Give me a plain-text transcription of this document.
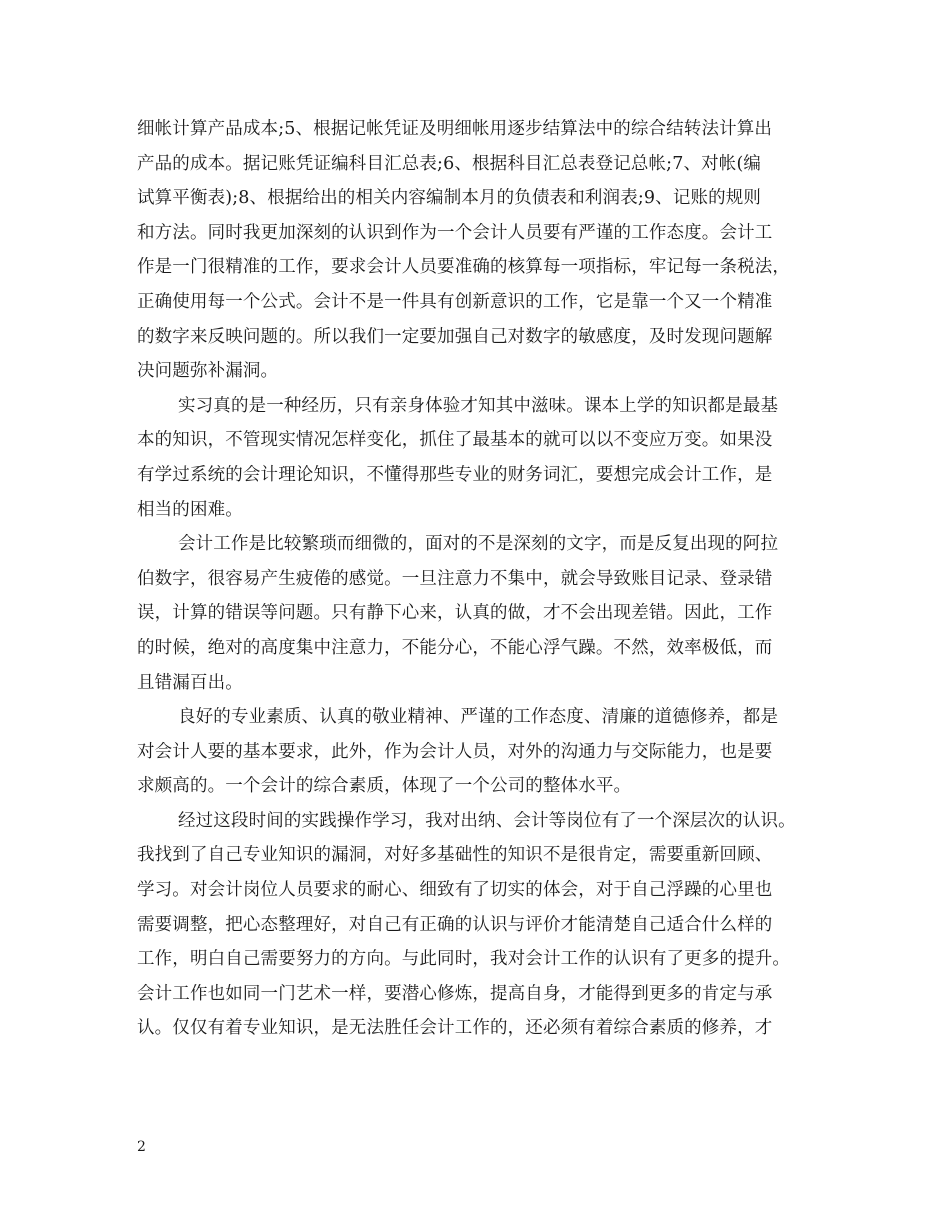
细帐计算产品成本;5、根据记帐凭证及明细帐用逐步结算法中的综合结转法计算出
产品的成本。据记账凭证编科目汇总表;6、根据科目汇总表登记总帐;7、对帐(编
试算平衡表);8、根据给出的相关内容编制本月的负债表和利润表;9、记账的规则
和方法。同时我更加深刻的认识到作为一个会计人员要有严谨的工作态度。会计工
作是一门很精准的工作，要求会计人员要准确的核算每一项指标，牢记每一条税法，
正确使用每一个公式。会计不是一件具有创新意识的工作，它是靠一个又一个精准
的数字来反映问题的。所以我们一定要加强自己对数字的敏感度，及时发现问题解
决问题弥补漏洞。
实习真的是一种经历，只有亲身体验才知其中滋味。课本上学的知识都是最基
本的知识，不管现实情况怎样变化，抓住了最基本的就可以以不变应万变。如果没
有学过系统的会计理论知识，不懂得那些专业的财务词汇，要想完成会计工作，是
相当的困难。
会计工作是比较繁琐而细微的，面对的不是深刻的文字，而是反复出现的阿拉
伯数字，很容易产生疲倦的感觉。一旦注意力不集中，就会导致账目记录、登录错
误，计算的错误等问题。只有静下心来，认真的做，才不会出现差错。因此，工作
的时候，绝对的高度集中注意力，不能分心，不能心浮气躁。不然，效率极低，而
且错漏百出。
良好的专业素质、认真的敬业精神、严谨的工作态度、清廉的道德修养，都是
对会计人要的基本要求，此外，作为会计人员，对外的沟通力与交际能力，也是要
求颇高的。一个会计的综合素质，体现了一个公司的整体水平。
经过这段时间的实践操作学习，我对出纳、会计等岗位有了一个深层次的认识。
我找到了自己专业知识的漏洞，对好多基础性的知识不是很肯定，需要重新回顾、
学习。对会计岗位人员要求的耐心、细致有了切实的体会，对于自己浮躁的心里也
需要调整，把心态整理好，对自己有正确的认识与评价才能清楚自己适合什么样的
工作，明白自己需要努力的方向。与此同时，我对会计工作的认识有了更多的提升。
会计工作也如同一门艺术一样，要潜心修炼，提高自身，才能得到更多的肯定与承
认。仅仅有着专业知识，是无法胜任会计工作的，还必须有着综合素质的修养，才
2
